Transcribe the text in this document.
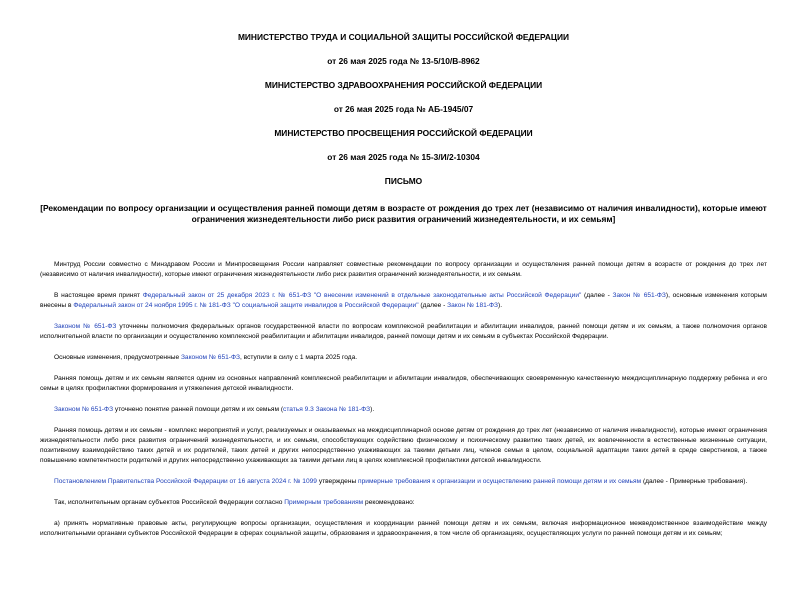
МИНИСТЕРСТВО ТРУДА И СОЦИАЛЬНОЙ ЗАЩИТЫ РОССИЙСКОЙ ФЕДЕРАЦИИ

от 26 мая 2025 года № 13-5/10/В-8962

МИНИСТЕРСТВО ЗДРАВООХРАНЕНИЯ РОССИЙСКОЙ ФЕДЕРАЦИИ

от 26 мая 2025 года № АБ-1945/07

МИНИСТЕРСТВО ПРОСВЕЩЕНИЯ РОССИЙСКОЙ ФЕДЕРАЦИИ

от 26 мая 2025 года № 15-3/И/2-10304

ПИСЬМО

[Рекомендации по вопросу организации и осуществления ранней помощи детям в возрасте от рождения до трех лет (независимо от наличия инвалидности), которые имеют ограничения жизнедеятельности либо риск развития ограничений жизнедеятельности, и их семьям]

Минтруд России совместно с Минздравом России и Минпросвещения России направляет совместные рекомендации по вопросу организации и осуществления ранней помощи детям в возрасте от рождения до трех лет (независимо от наличия инвалидности), которые имеют ограничения жизнедеятельности либо риск развития ограничений жизнедеятельности, и их семьям.

В настоящее время принят Федеральный закон от 25 декабря 2023 г. № 651-ФЗ "О внесении изменений в отдельные законодательные акты Российской Федерации" (далее - Закон № 651-ФЗ), основные изменения которым внесены в Федеральный закон от 24 ноября 1995 г. № 181-ФЗ "О социальной защите инвалидов в Российской Федерации" (далее - Закон № 181-ФЗ).

Законом № 651-ФЗ уточнены полномочия федеральных органов государственной власти по вопросам комплексной реабилитации и абилитации инвалидов, ранней помощи детям и их семьям, а также полномочия органов исполнительной власти по организации и осуществлению комплексной реабилитации и абилитации инвалидов, ранней помощи детям и их семьям в субъектах Российской Федерации.

Основные изменения, предусмотренные Законом № 651-ФЗ, вступили в силу с 1 марта 2025 года.

Ранняя помощь детям и их семьям является одним из основных направлений комплексной реабилитации и абилитации инвалидов, обеспечивающих своевременную качественную междисциплинарную поддержку ребенка и его семьи в целях профилактики формирования и утяжеления детской инвалидности.

Законом № 651-ФЗ уточнено понятие ранней помощи детям и их семьям (статья 9.3 Закона № 181-ФЗ).

Ранняя помощь детям и их семьям - комплекс мероприятий и услуг, реализуемых и оказываемых на междисциплинарной основе детям от рождения до трех лет (независимо от наличия инвалидности), которые имеют ограничения жизнедеятельности либо риск развития ограничений жизнедеятельности, и их семьям, способствующих содействию физическому и психическому развитию таких детей, их вовлеченности в естественные жизненные ситуации, позитивному взаимодействию таких детей и их родителей, таких детей и других непосредственно ухаживающих за такими детьми лиц, членов семьи в целом, социальной адаптации таких детей в среде сверстников, а также повышению компетентности родителей и других непосредственно ухаживающих за такими детьми лиц в целях комплексной профилактики детской инвалидности.

Постановлением Правительства Российской Федерации от 16 августа 2024 г. № 1099 утверждены примерные требования к организации и осуществлению ранней помощи детям и их семьям (далее - Примерные требования).

Так, исполнительным органам субъектов Российской Федерации согласно Примерным требованиям рекомендовано:

а) принять нормативные правовые акты, регулирующие вопросы организации, осуществления и координации ранней помощи детям и их семьям, включая информационное межведомственное взаимодействие между исполнительными органами субъектов Российской Федерации в сферах социальной защиты, образования и здравоохранения, в том числе об организациях, осуществляющих услуги по ранней помощи детям и их семьям;
